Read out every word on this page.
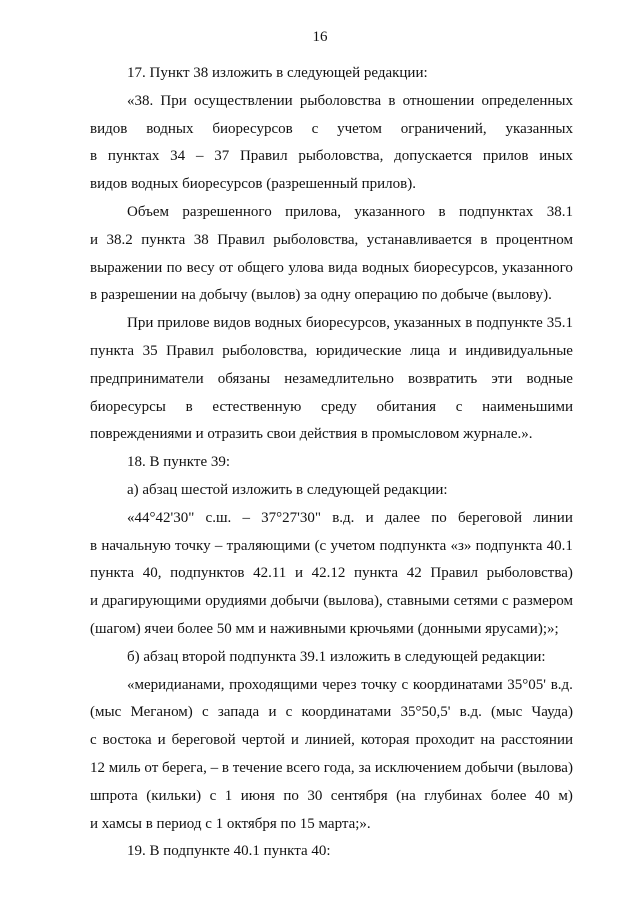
16
17. Пункт 38 изложить в следующей редакции:
«38. При осуществлении рыболовства в отношении определенных
видов водных биоресурсов с учетом ограничений, указанных
в пунктах 34 – 37 Правил рыболовства, допускается прилов иных
видов водных биоресурсов (разрешенный прилов).
Объем разрешенного прилова, указанного в подпунктах 38.1
и 38.2 пункта 38 Правил рыболовства, устанавливается в процентном
выражении по весу от общего улова вида водных биоресурсов, указанного
в разрешении на добычу (вылов) за одну операцию по добыче (вылову).
При прилове видов водных биоресурсов, указанных в подпункте 35.1
пункта 35 Правил рыболовства, юридические лица и индивидуальные
предприниматели обязаны незамедлительно возвратить эти водные
биоресурсы в естественную среду обитания с наименьшими
повреждениями и отразить свои действия в промысловом журнале.».
18. В пункте 39:
а) абзац шестой изложить в следующей редакции:
«44°42'30" с.ш. – 37°27'30" в.д. и далее по береговой линии
в начальную точку – траляющими (с учетом подпункта «з» подпункта 40.1
пункта 40, подпунктов 42.11 и 42.12 пункта 42 Правил рыболовства)
и драгирующими орудиями добычи (вылова), ставными сетями с размером
(шагом) ячеи более 50 мм и наживными крючьями (донными ярусами);»;
б) абзац второй подпункта 39.1 изложить в следующей редакции:
«меридианами, проходящими через точку с координатами 35°05' в.д.
(мыс Меганом) с запада и с координатами 35°50,5' в.д. (мыс Чауда)
с востока и береговой чертой и линией, которая проходит на расстоянии
12 миль от берега, – в течение всего года, за исключением добычи (вылова)
шпрота (кильки) с 1 июня по 30 сентября (на глубинах более 40 м)
и хамсы в период с 1 октября по 15 марта;».
19. В подпункте 40.1 пункта 40:
